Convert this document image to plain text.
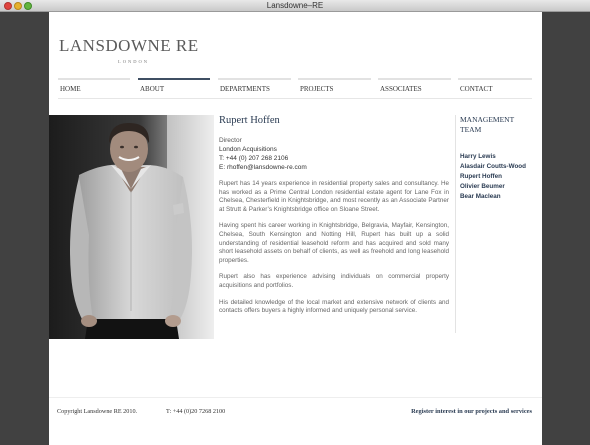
Lansdowne–RE
LANSDOWNE RE
LONDON
HOME	ABOUT	DEPARTMENTS	PROJECTS	ASSOCIATES	CONTACT
Rupert Hoffen
Director
London Acquisitions
T: +44 (0) 207 268 2106
E: rhoffen@lansdowne-re.com

Rupert has 14 years experience in residential property sales and consultancy. He has worked as a Prime Central London residential estate agent for Lane Fox in Chelsea, Chesterfield in Knightsbridge, and most recently as an Associate Partner at Strutt & Parker’s Knightsbridge office on Sloane Street.

Having spent his career working in Knightsbridge, Belgravia, Mayfair, Kensington, Chelsea, South Kensington and Notting Hill, Rupert has built up a solid understanding of residential leasehold reform and has acquired and sold many short leasehold assets on behalf of clients, as well as freehold and long leasehold properties.

Rupert also has experience advising individuals on commercial property acquisitions and portfolios.

His detailed knowledge of the local market and extensive network of clients and contacts offers buyers a highly informed and uniquely personal service.

MANAGEMENT
TEAM
Harry Lewis
Alasdair Coutts-Wood
Rupert Hoffen
Olivier Beumer
Bear Maclean
Copyright Lansdowne RE 2010.	T: +44 (0)20 7268 2100	Register interest in our projects and services
